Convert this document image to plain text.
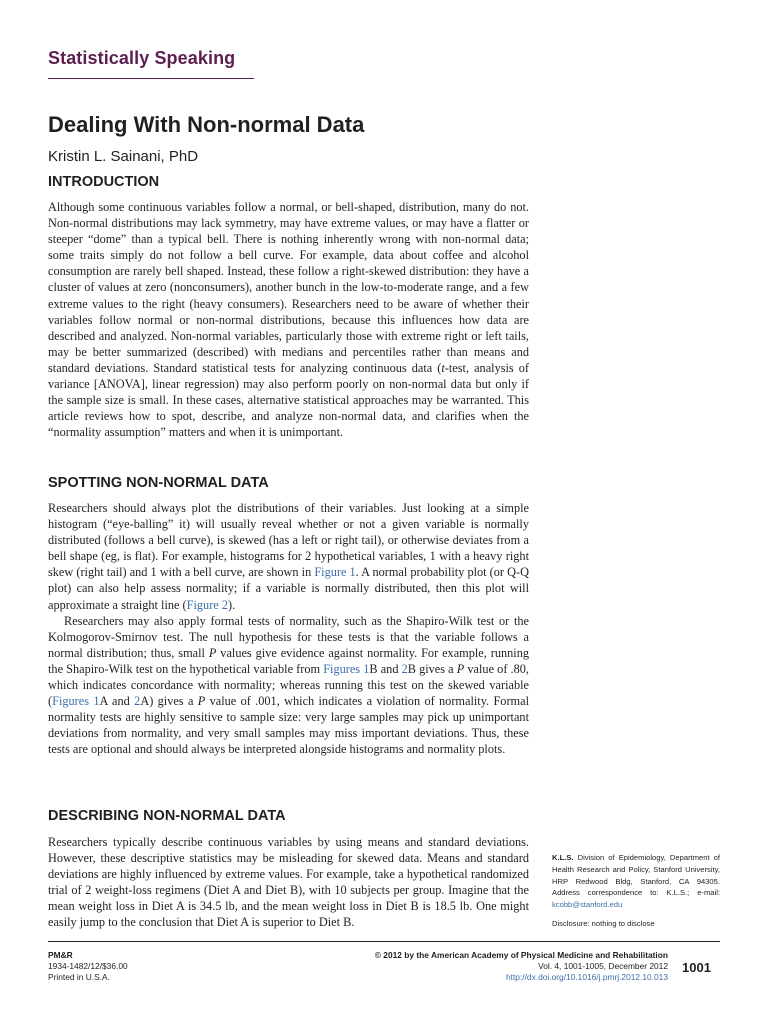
Statistically Speaking
Dealing With Non-normal Data
Kristin L. Sainani, PhD
INTRODUCTION

Although some continuous variables follow a normal, or bell-shaped, distribution, many do not. Non-normal distributions may lack symmetry, may have extreme values, or may have a flatter or steeper “dome” than a typical bell. There is nothing inherently wrong with non-normal data; some traits simply do not follow a bell curve. For example, data about coffee and alcohol consumption are rarely bell shaped. Instead, these follow a right-skewed distribution: they have a cluster of values at zero (nonconsumers), another bunch in the low-to-moderate range, and a few extreme values to the right (heavy consumers). Researchers need to be aware of whether their variables follow normal or non-normal distributions, because this influences how data are described and analyzed. Non-normal variables, particularly those with extreme right or left tails, may be better summarized (described) with medians and percentiles rather than means and standard deviations. Standard statistical tests for analyzing continuous data (t-test, analysis of variance [ANOVA], linear regression) may also perform poorly on non-normal data but only if the sample size is small. In these cases, alternative statistical approaches may be warranted. This article reviews how to spot, describe, and analyze non-normal data, and clarifies when the “normality assumption” matters and when it is unimportant.

SPOTTING NON-NORMAL DATA

Researchers should always plot the distributions of their variables. Just looking at a simple histogram (“eye-balling” it) will usually reveal whether or not a given variable is normally distributed (follows a bell curve), is skewed (has a left or right tail), or otherwise deviates from a bell shape (eg, is flat). For example, histograms for 2 hypothetical variables, 1 with a heavy right skew (right tail) and 1 with a bell curve, are shown in Figure 1. A normal probability plot (or Q-Q plot) can also help assess normality; if a variable is normally distributed, then this plot will approximate a straight line (Figure 2).

Researchers may also apply formal tests of normality, such as the Shapiro-Wilk test or the Kolmogorov-Smirnov test. The null hypothesis for these tests is that the variable follows a normal distribution; thus, small P values give evidence against normality. For example, running the Shapiro-Wilk test on the hypothetical variable from Figures 1B and 2B gives a P value of .80, which indicates concordance with normality; whereas running this test on the skewed variable (Figures 1A and 2A) gives a P value of .001, which indicates a violation of normality. Formal normality tests are highly sensitive to sample size: very large samples may pick up unimportant deviations from normality, and very small samples may miss important deviations. Thus, these tests are optional and should always be interpreted alongside histograms and normality plots.

DESCRIBING NON-NORMAL DATA

Researchers typically describe continuous variables by using means and standard deviations. However, these descriptive statistics may be misleading for skewed data. Means and standard deviations are highly influenced by extreme values. For example, take a hypothetical randomized trial of 2 weight-loss regimens (Diet A and Diet B), with 10 subjects per group. Imagine that the mean weight loss in Diet A is 34.5 lb, and the mean weight loss in Diet B is 18.5 lb. One might easily jump to the conclusion that Diet A is superior to Diet B.

K.L.S. Division of Epidemiology, Department of Health Research and Policy, Stanford University, HRP Redwood Bldg, Stanford, CA 94305. Address correspondence to: K.L.S.; e-mail: kcobb@stanford.edu
Disclosure: nothing to disclose
PM&R
1934-1482/12/$36.00
Printed in U.S.A.
© 2012 by the American Academy of Physical Medicine and Rehabilitation
Vol. 4, 1001-1005, December 2012
http://dx.doi.org/10.1016/j.pmrj.2012.10.013
1001
